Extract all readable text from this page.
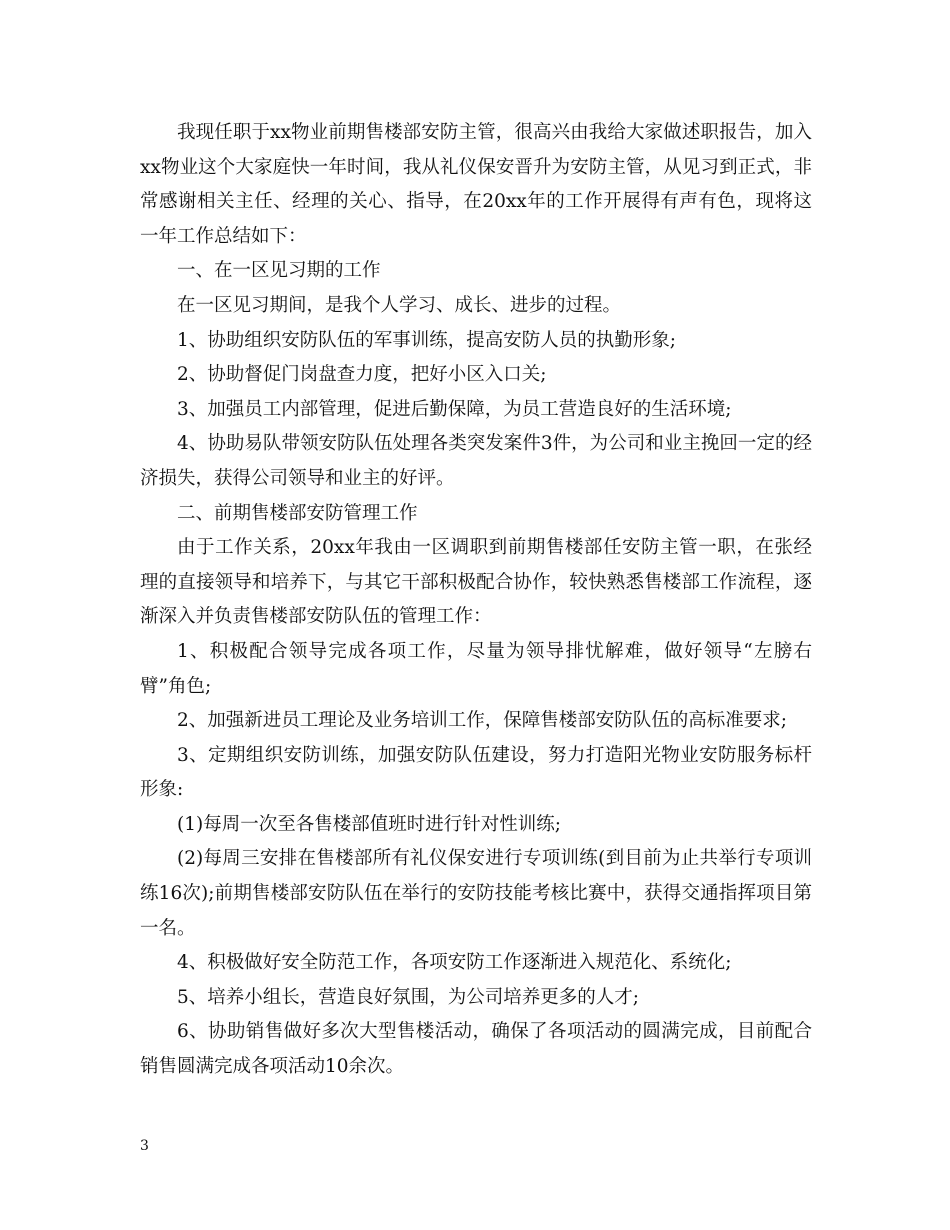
我现任职于xx物业前期售楼部安防主管，很高兴由我给大家做述职报告，加入xx物业这个大家庭快一年时间，我从礼仪保安晋升为安防主管，从见习到正式，非常感谢相关主任、经理的关心、指导，在20xx年的工作开展得有声有色，现将这一年工作总结如下：

一、在一区见习期的工作

在一区见习期间，是我个人学习、成长、进步的过程。

1、协助组织安防队伍的军事训练，提高安防人员的执勤形象;

2、协助督促门岗盘查力度，把好小区入口关;

3、加强员工内部管理，促进后勤保障，为员工营造良好的生活环境;

4、协助易队带领安防队伍处理各类突发案件3件，为公司和业主挽回一定的经济损失，获得公司领导和业主的好评。

二、前期售楼部安防管理工作

由于工作关系，20xx年我由一区调职到前期售楼部任安防主管一职，在张经理的直接领导和培养下，与其它干部积极配合协作，较快熟悉售楼部工作流程，逐渐深入并负责售楼部安防队伍的管理工作：

1、积极配合领导完成各项工作，尽量为领导排忧解难，做好领导“左膀右臂”角色;

2、加强新进员工理论及业务培训工作，保障售楼部安防队伍的高标准要求;

3、定期组织安防训练，加强安防队伍建设，努力打造阳光物业安防服务标杆形象:

(1)每周一次至各售楼部值班时进行针对性训练;

(2)每周三安排在售楼部所有礼仪保安进行专项训练(到目前为止共举行专项训练16次);前期售楼部安防队伍在举行的安防技能考核比赛中，获得交通指挥项目第一名。

4、积极做好安全防范工作，各项安防工作逐渐进入规范化、系统化;

5、培养小组长，营造良好氛围，为公司培养更多的人才;

6、协助销售做好多次大型售楼活动，确保了各项活动的圆满完成，目前配合销售圆满完成各项活动10余次。

3
